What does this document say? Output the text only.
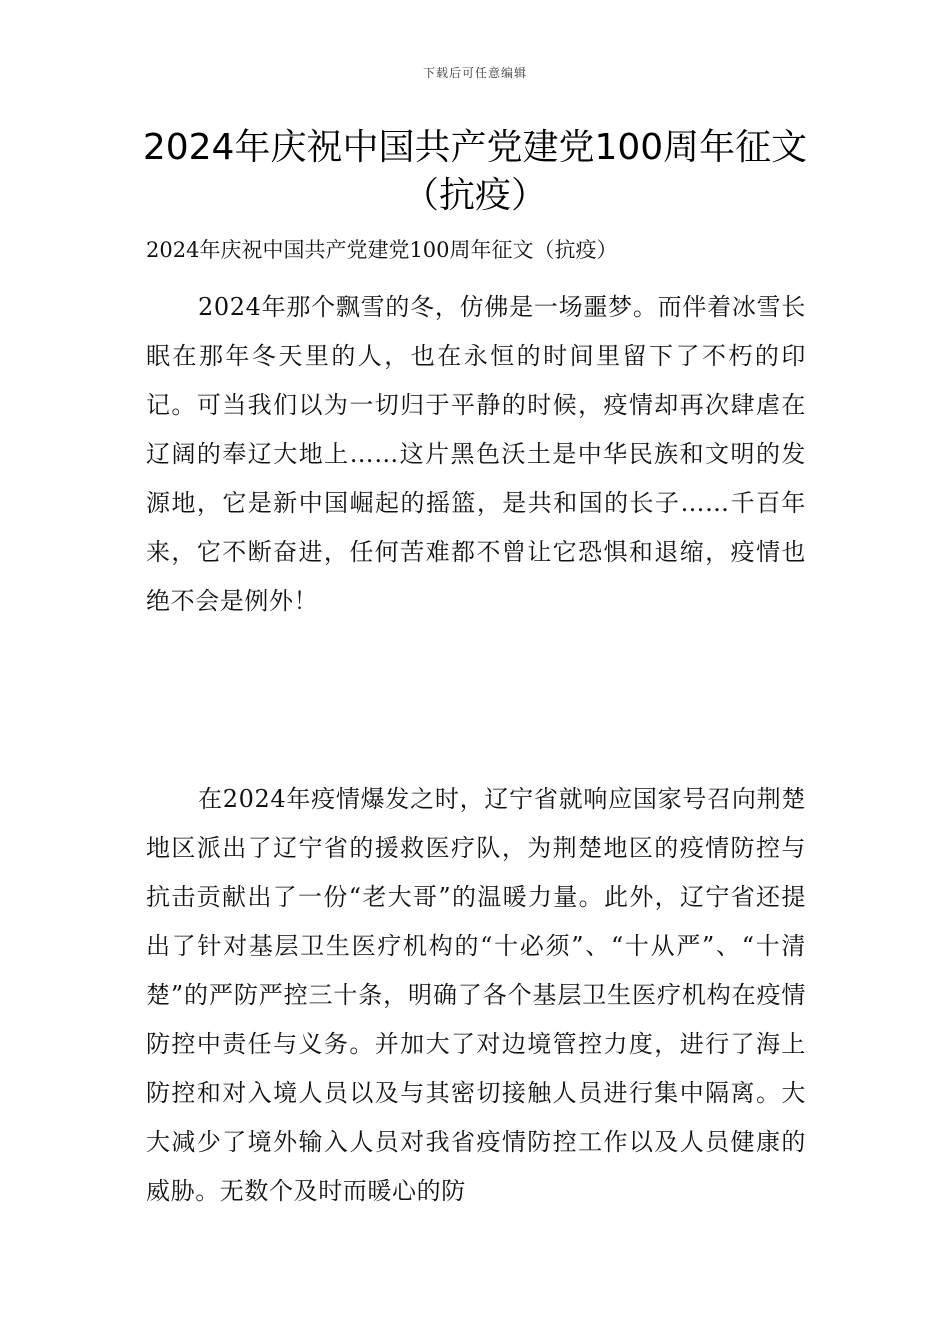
下载后可任意编辑
2024年庆祝中国共产党建党100周年征文
（抗疫）
2024年庆祝中国共产党建党100周年征文（抗疫）

2024年那个飘雪的冬，仿佛是一场噩梦。而伴着冰雪长眠在那年冬天里的人，也在永恒的时间里留下了不朽的印记。可当我们以为一切归于平静的时候，疫情却再次肆虐在辽阔的奉辽大地上……这片黑色沃土是中华民族和文明的发源地，它是新中国崛起的摇篮，是共和国的长子……千百年来，它不断奋进，任何苦难都不曾让它恐惧和退缩，疫情也绝不会是例外！

在2024年疫情爆发之时，辽宁省就响应国家号召向荆楚地区派出了辽宁省的援救医疗队，为荆楚地区的疫情防控与抗击贡献出了一份“老大哥”的温暖力量。此外，辽宁省还提出了针对基层卫生医疗机构的“十必须”、“十从严”、“十清楚”的严防严控三十条，明确了各个基层卫生医疗机构在疫情防控中责任与义务。并加大了对边境管控力度，进行了海上防控和对入境人员以及与其密切接触人员进行集中隔离。大大减少了境外输入人员对我省疫情防控工作以及人员健康的威胁。无数个及时而暖心的防
